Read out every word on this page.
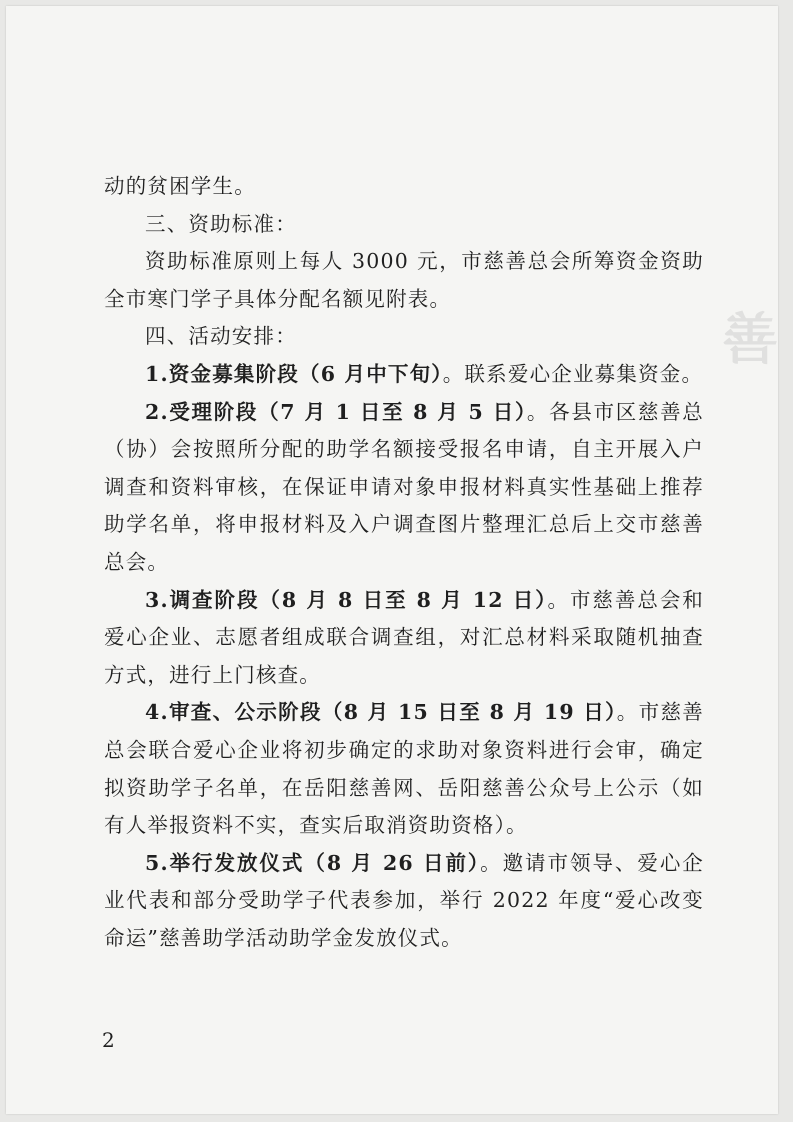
善

动的贫困学生。

三、资助标准：

资助标准原则上每人 3000 元，市慈善总会所筹资金资助全市寒门学子具体分配名额见附表。

四、活动安排：

1.资金募集阶段（6 月中下旬）。联系爱心企业募集资金。

2.受理阶段（7 月 1 日至 8 月 5 日）。各县市区慈善总（协）会按照所分配的助学名额接受报名申请，自主开展入户调查和资料审核，在保证申请对象申报材料真实性基础上推荐助学名单，将申报材料及入户调查图片整理汇总后上交市慈善总会。

3.调查阶段（8 月 8 日至 8 月 12 日）。市慈善总会和爱心企业、志愿者组成联合调查组，对汇总材料采取随机抽查方式，进行上门核查。

4.审查、公示阶段（8 月 15 日至 8 月 19 日）。市慈善总会联合爱心企业将初步确定的求助对象资料进行会审，确定拟资助学子名单，在岳阳慈善网、岳阳慈善公众号上公示（如有人举报资料不实，查实后取消资助资格）。

5.举行发放仪式（8 月 26 日前）。邀请市领导、爱心企业代表和部分受助学子代表参加，举行 2022 年度“爱心改变命运”慈善助学活动助学金发放仪式。

2
